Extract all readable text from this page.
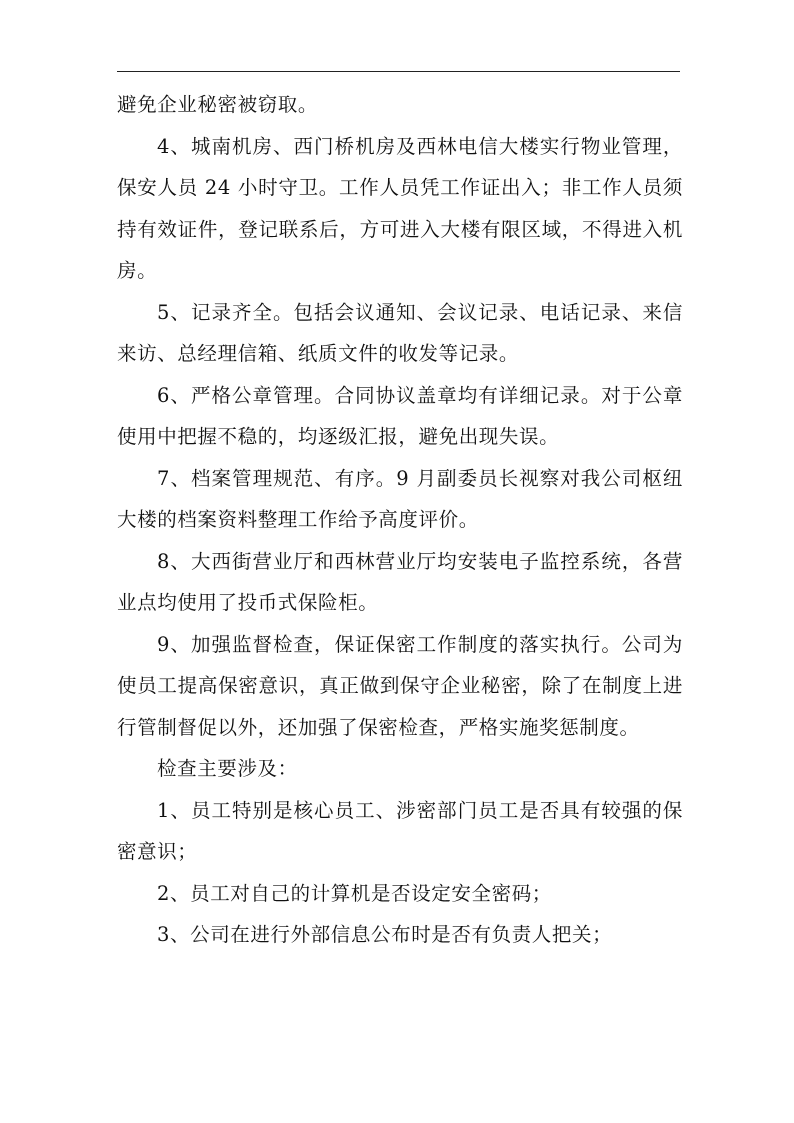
避免企业秘密被窃取。

4、城南机房、西门桥机房及西林电信大楼实行物业管理，保安人员 24 小时守卫。工作人员凭工作证出入；非工作人员须持有效证件，登记联系后，方可进入大楼有限区域，不得进入机房。

5、记录齐全。包括会议通知、会议记录、电话记录、来信来访、总经理信箱、纸质文件的收发等记录。

6、严格公章管理。合同协议盖章均有详细记录。对于公章使用中把握不稳的，均逐级汇报，避免出现失误。

7、档案管理规范、有序。9 月副委员长视察对我公司枢纽大楼的档案资料整理工作给予高度评价。

8、大西街营业厅和西林营业厅均安装电子监控系统，各营业点均使用了投币式保险柜。

9、加强监督检查，保证保密工作制度的落实执行。公司为使员工提高保密意识，真正做到保守企业秘密，除了在制度上进行管制督促以外，还加强了保密检查，严格实施奖惩制度。

检查主要涉及：

1、员工特别是核心员工、涉密部门员工是否具有较强的保密意识；

2、员工对自己的计算机是否设定安全密码；

3、公司在进行外部信息公布时是否有负责人把关；
